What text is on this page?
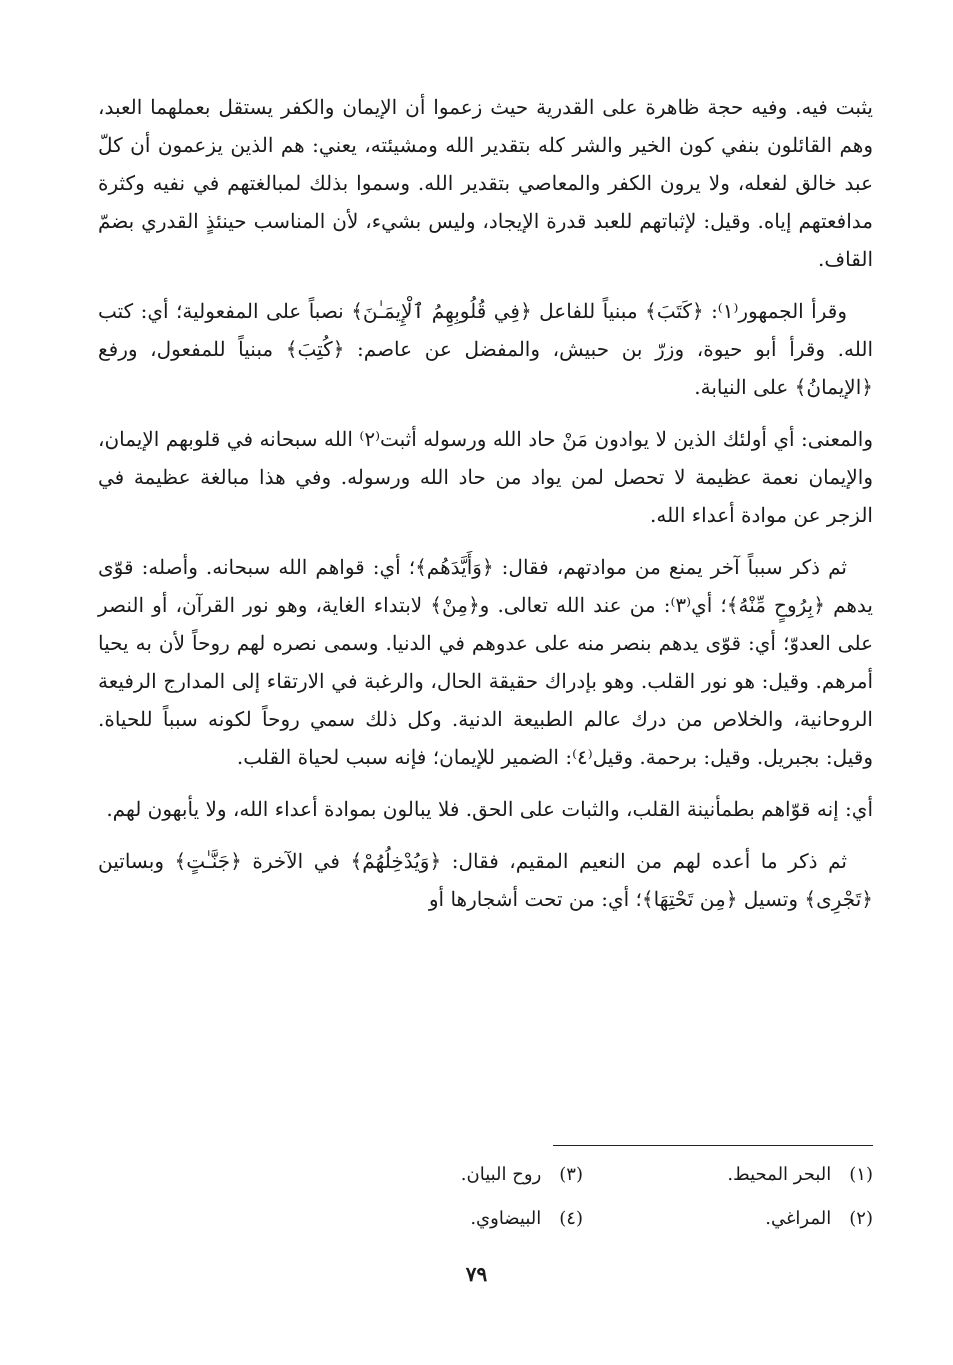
يثبت فيه. وفيه حجة ظاهرة على القدرية حيث زعموا أن الإيمان والكفر يستقل بعملهما العبد، وهم القائلون بنفي كون الخير والشر كله بتقدير الله ومشيئته، يعني: هم الذين يزعمون أن كلّ عبد خالق لفعله، ولا يرون الكفر والمعاصي بتقدير الله. وسموا بذلك لمبالغتهم في نفيه وكثرة مدافعتهم إياه. وقيل: لإثباتهم للعبد قدرة الإيجاد، وليس بشيء، لأن المناسب حينئذٍ القدري بضمّ القاف.

وقرأ الجمهور⁽١⁾: ﴿كَتَبَ﴾ مبنياً للفاعل ﴿فِي قُلُوبِهِمُ ٱلْإِيمَـٰنَ﴾ نصباً على المفعولية؛ أي: كتب الله. وقرأ أبو حيوة، وزرّ بن حبيش، والمفضل عن عاصم: ﴿كُتِبَ﴾ مبنياً للمفعول، ورفع ﴿الإيمانُ﴾ على النيابة.

والمعنى: أي أولئك الذين لا يوادون مَنْ حاد الله ورسوله أثبت⁽٢⁾ الله سبحانه في قلوبهم الإيمان، والإيمان نعمة عظيمة لا تحصل لمن يواد من حاد الله ورسوله. وفي هذا مبالغة عظيمة في الزجر عن موادة أعداء الله.

ثم ذكر سبباً آخر يمنع من موادتهم، فقال: ﴿وَأَيَّدَهُم﴾؛ أي: قواهم الله سبحانه. وأصله: قوّى يدهم ﴿بِرُوحٍ مِّنْهُ﴾؛ أي⁽٣⁾: من عند الله تعالى. و﴿مِنْ﴾ لابتداء الغاية، وهو نور القرآن، أو النصر على العدوّ؛ أي: قوّى يدهم بنصر منه على عدوهم في الدنيا. وسمى نصره لهم روحاً لأن به يحيا أمرهم. وقيل: هو نور القلب. وهو بإدراك حقيقة الحال، والرغبة في الارتقاء إلى المدارج الرفيعة الروحانية، والخلاص من درك عالم الطبيعة الدنية. وكل ذلك سمي روحاً لكونه سبباً للحياة. وقيل: بجبريل. وقيل: برحمة. وقيل⁽٤⁾: الضمير للإيمان؛ فإنه سبب لحياة القلب.

أي: إنه قوّاهم بطمأنينة القلب، والثبات على الحق. فلا يبالون بموادة أعداء الله، ولا يأبهون لهم.

ثم ذكر ما أعده لهم من النعيم المقيم، فقال: ﴿وَيُدْخِلُهُمْ﴾ في الآخرة ﴿جَنَّـٰتٍ﴾ وبساتين ﴿تَجْرِى﴾ وتسيل ﴿مِن تَحْتِهَا﴾؛ أي: من تحت أشجارها أو

(١)
البحر المحيط.
(٣)
روح البيان.
(٢)
المراغي.
(٤)
البيضاوي.
٧٩
